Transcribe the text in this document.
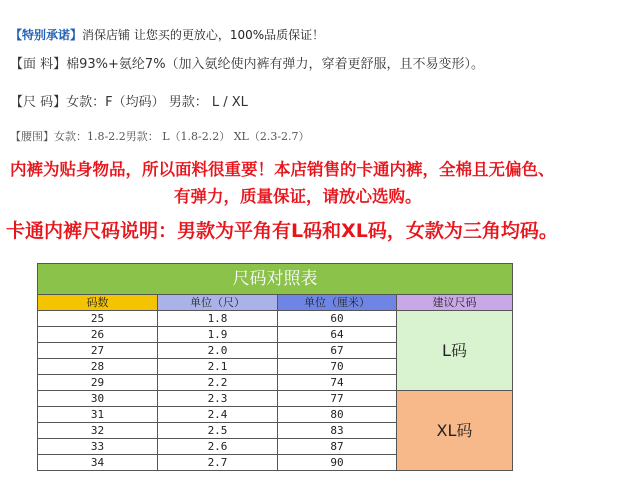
【特别承诺】消保店铺 让您买的更放心，100%品质保证！
【面 料】棉93%+氨纶7%（加入氨纶使内裤有弹力，穿着更舒服，且不易变形）。
【尺 码】女款：F（均码） 男款： L / XL
【腰围】女款：1.8-2.2男款： L（1.8-2.2） XL（2.3-2.7）
内裤为贴身物品，所以面料很重要！本店销售的卡通内裤，全棉且无偏色、
有弹力，质量保证，请放心选购。
卡通内裤尺码说明：男款为平角有L码和XL码，女款为三角均码。
尺码对照表			
码数	单位（尺）	单位（厘米）	建议尺码
25	1.8	60	L码
26	1.9	64	
27	2.0	67	
28	2.1	70	
29	2.2	74	
30	2.3	77	XL码
31	2.4	80	
32	2.5	83	
33	2.6	87	
34	2.7	90	
